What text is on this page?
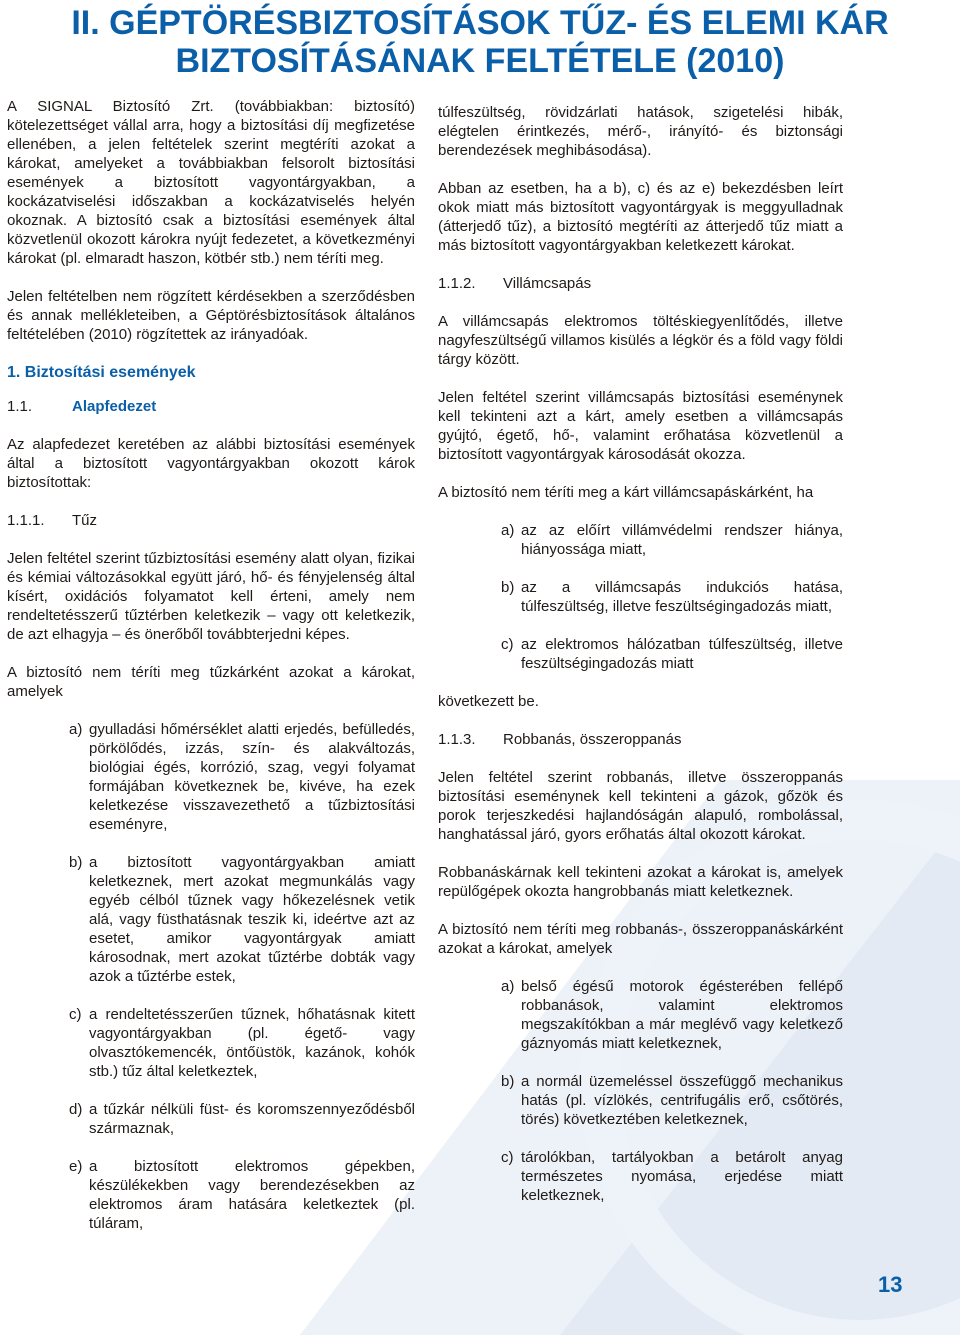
II. GÉPTÖRÉSBIZTOSÍTÁSOK TŰZ- ÉS ELEMI KÁR BIZTOSÍTÁSÁNAK FELTÉTELE (2010)

A SIGNAL Biztosító Zrt. (továbbiakban: biztosító) kötelezettséget vállal arra, hogy a biztosítási díj megfizetése ellenében, a jelen feltételek szerint megtéríti azokat a károkat, amelyeket a továbbiakban felsorolt biztosítási események a biztosított vagyontárgyakban, a kockázatviselési időszakban a kockázatviselés helyén okoznak. A biztosító csak a biztosítási események által közvetlenül okozott károkra nyújt fedezetet, a következményi károkat (pl. elmaradt haszon, kötbér stb.) nem téríti meg.

Jelen feltételben nem rögzített kérdésekben a szerződésben és annak mellékleteiben, a Géptörésbiztosítások általános feltételében (2010) rögzítettek az irányadóak.

1. Biztosítási események
1.1.	Alapfedezet

Az alapfedezet keretében az alábbi biztosítási események által a biztosított vagyontárgyakban okozott károk biztosítottak:

1.1.1.	Tűz

Jelen feltétel szerint tűzbiztosítási esemény alatt olyan, fizikai és kémiai változásokkal együtt járó, hő- és fényjelenség által kísért, oxidációs folyamatot kell érteni, amely nem rendeltetésszerű tűztérben keletkezik – vagy ott keletkezik, de azt elhagyja – és önerőből továbbterjedni képes.

A biztosító nem téríti meg tűzkárként azokat a károkat, amelyek

a) gyulladási hőmérséklet alatti erjedés, befülledés, pörkölődés, izzás, szín- és alakváltozás, biológiai égés, korrózió, szag, vegyi folyamat formájában következnek be, kivéve, ha ezek keletkezése visszavezethető a tűzbiztosítási eseményre,
b) a biztosított vagyontárgyakban amiatt keletkeznek, mert azokat megmunkálás vagy egyéb célból tűznek vagy hőkezelésnek vetik alá, vagy füsthatásnak teszik ki, ideértve azt az esetet, amikor vagyontárgyak amiatt károsodnak, mert azokat tűztérbe dobták vagy azok a tűztérbe estek,
c) a rendeltetésszerűen tűznek, hőhatásnak kitett vagyontárgyakban (pl. égető- vagy olvasztókemencék, öntőüstök, kazánok, kohók stb.) tűz által keletkeztek,
d) a tűzkár nélküli füst- és koromszennyeződésből származnak,
e) a biztosított elektromos gépekben, készülékekben vagy berendezésekben az elektromos áram hatására keletkeztek (pl. túláram,

túlfeszültség, rövidzárlati hatások, szigetelési hibák, elégtelen érintkezés, mérő-, irányító- és biztonsági berendezések meghibásodása).

Abban az esetben, ha a b), c) és az e) bekezdésben leírt okok miatt más biztosított vagyontárgyak is meggyulladnak (átterjedő tűz), a biztosító megtéríti az átterjedő tűz miatt a más biztosított vagyontárgyakban keletkezett károkat.

1.1.2.	Villámcsapás

A villámcsapás elektromos töltéskiegyenlítődés, illetve nagyfeszültségű villamos kisülés a légkör és a föld vagy földi tárgy között.

Jelen feltétel szerint villámcsapás biztosítási eseménynek kell tekinteni azt a kárt, amely esetben a villámcsapás gyújtó, égető, hő-, valamint erőhatása közvetlenül a biztosított vagyontárgyak károsodását okozza.

A biztosító nem téríti meg a kárt villámcsapáskárként, ha

a) az az előírt villámvédelmi rendszer hiánya, hiányossága miatt,
b) az a villámcsapás indukciós hatása, túlfeszültség, illetve feszültségingadozás miatt,
c) az elektromos hálózatban túlfeszültség, illetve feszültségingadozás miatt

következett be.

1.1.3.	Robbanás, összeroppanás

Jelen feltétel szerint robbanás, illetve összeroppanás biztosítási eseménynek kell tekinteni a gázok, gőzök és porok terjeszkedési hajlandóságán alapuló, rombolással, hanghatással járó, gyors erőhatás által okozott károkat.

Robbanáskárnak kell tekinteni azokat a károkat is, amelyek repülőgépek okozta hangrobbanás miatt keletkeznek.

A biztosító nem téríti meg robbanás-, összeroppanáskárként azokat a károkat, amelyek

a) belső égésű motorok égésterében fellépő robbanások, valamint elektromos megszakítókban a már meglévő vagy keletkező gáznyomás miatt keletkeznek,
b) a normál üzemeléssel összefüggő mechanikus hatás (pl. vízlökés, centrifugális erő, csőtörés, törés) következtében keletkeznek,
c) tárolókban, tartályokban a betárolt anyag természetes nyomása, erjedése miatt keletkeznek,
13
